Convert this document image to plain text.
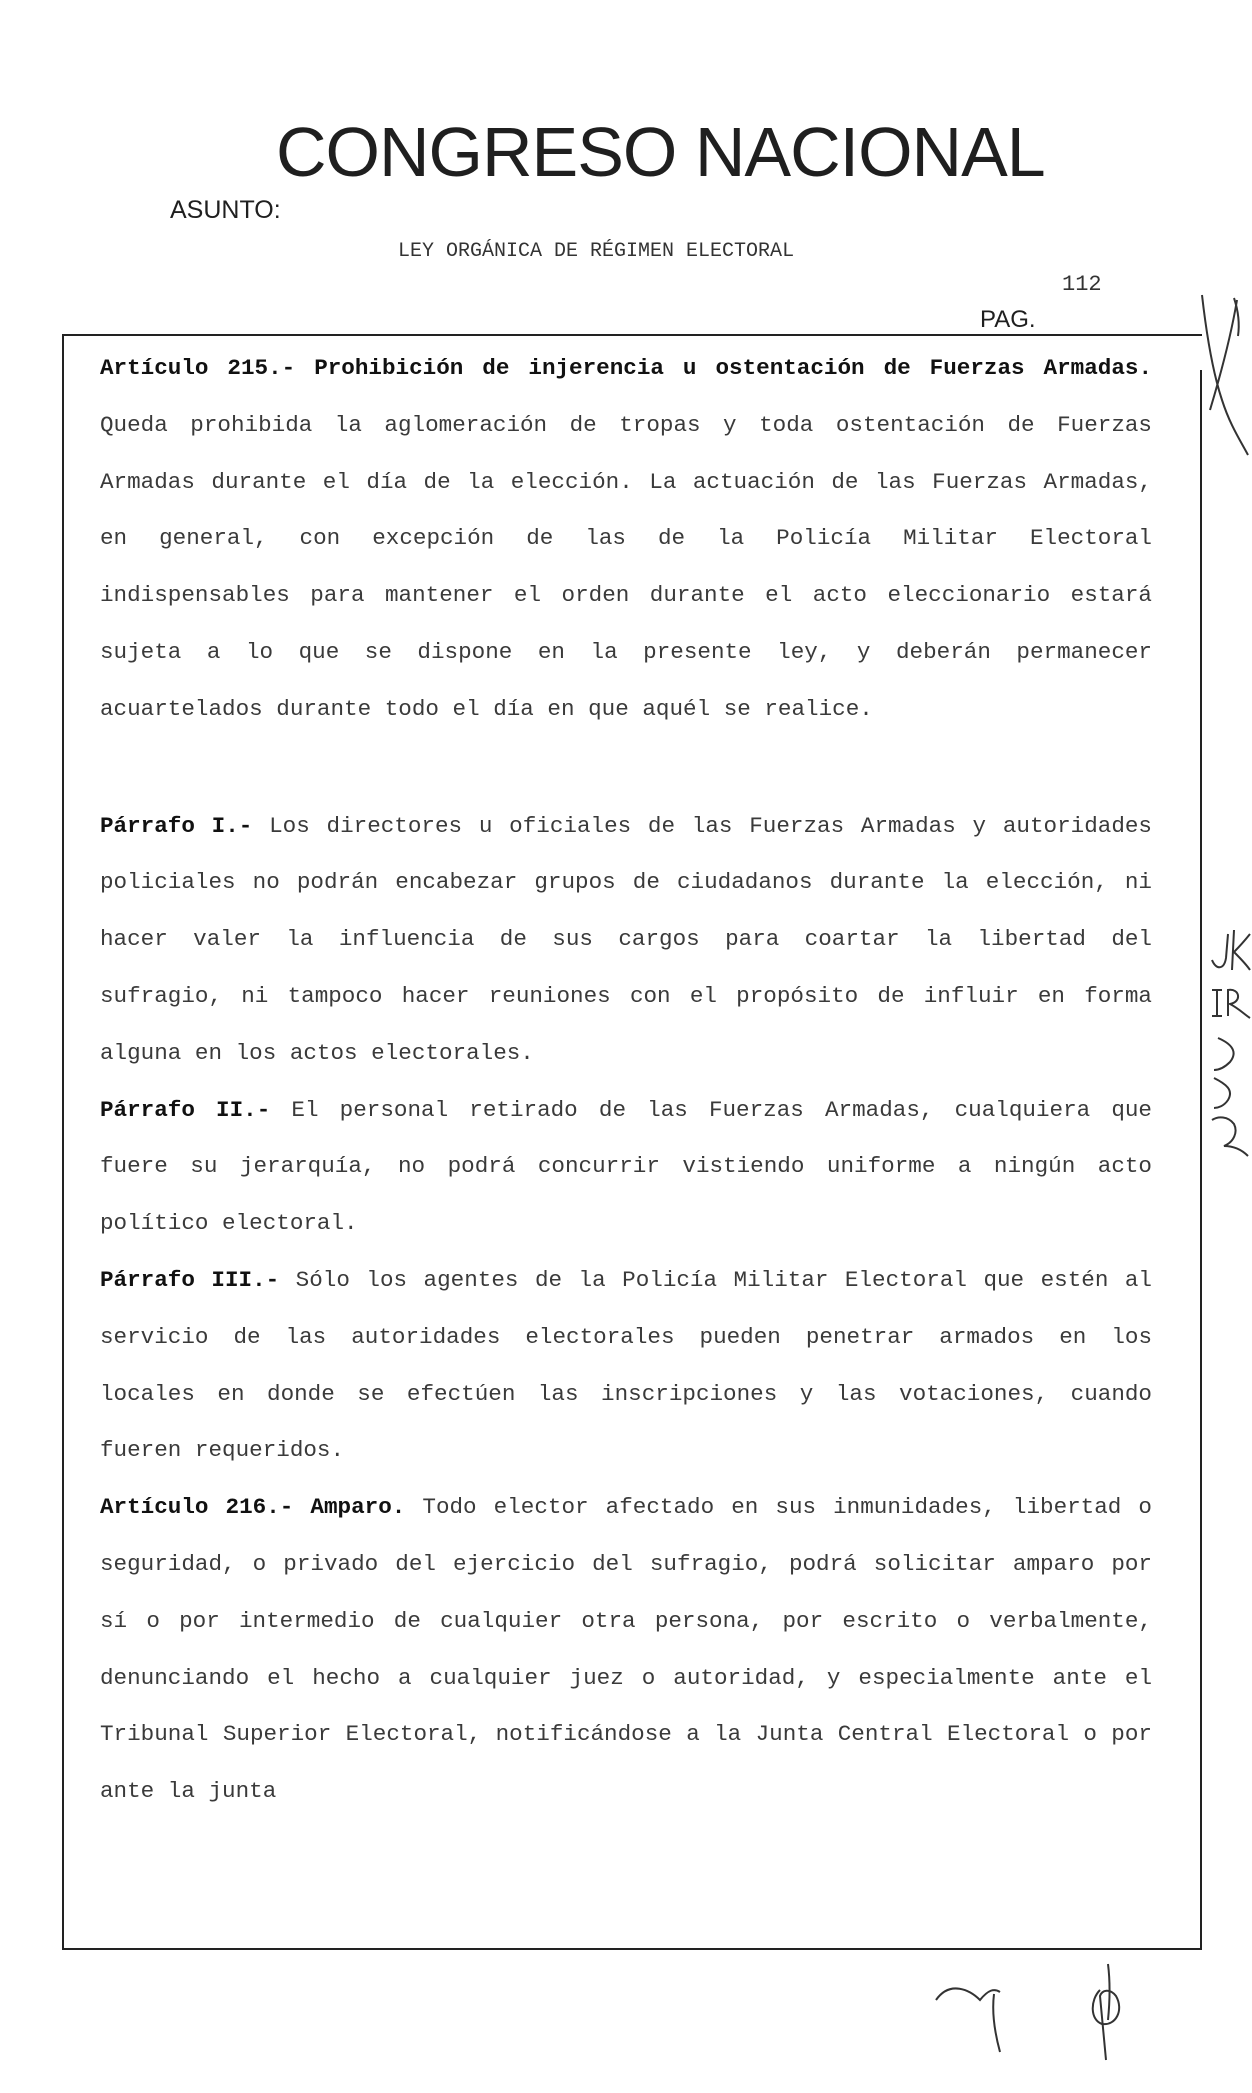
CONGRESO NACIONAL
ASUNTO:
LEY ORGÁNICA DE RÉGIMEN ELECTORAL
112
PAG.

Artículo 215.- Prohibición de injerencia u ostentación de Fuerzas Armadas. Queda prohibida la aglomeración de tropas y toda ostentación de Fuerzas Armadas durante el día de la elección. La actuación de las Fuerzas Armadas, en general, con excepción de las de la Policía Militar Electoral indispensables para mantener el orden durante el acto eleccionario estará sujeta a lo que se dispone en la presente ley, y deberán permanecer acuartelados durante todo el día en que aquél se realice.

Párrafo I.- Los directores u oficiales de las Fuerzas Armadas y autoridades policiales no podrán encabezar grupos de ciudadanos durante la elección, ni hacer valer la influencia de sus cargos para coartar la libertad del sufragio, ni tampoco hacer reuniones con el propósito de influir en forma alguna en los actos electorales.

Párrafo II.- El personal retirado de las Fuerzas Armadas, cualquiera que fuere su jerarquía, no podrá concurrir vistiendo uniforme a ningún acto político electoral.

Párrafo III.- Sólo los agentes de la Policía Militar Electoral que estén al servicio de las autoridades electorales pueden penetrar armados en los locales en donde se efectúen las inscripciones y las votaciones, cuando fueren requeridos.

Artículo 216.- Amparo. Todo elector afectado en sus inmunidades, libertad o seguridad, o privado del ejercicio del sufragio, podrá solicitar amparo por sí o por intermedio de cualquier otra persona, por escrito o verbalmente, denunciando el hecho a cualquier juez o autoridad, y especialmente ante el Tribunal Superior Electoral, notificándose a la Junta Central Electoral o por ante la junta
